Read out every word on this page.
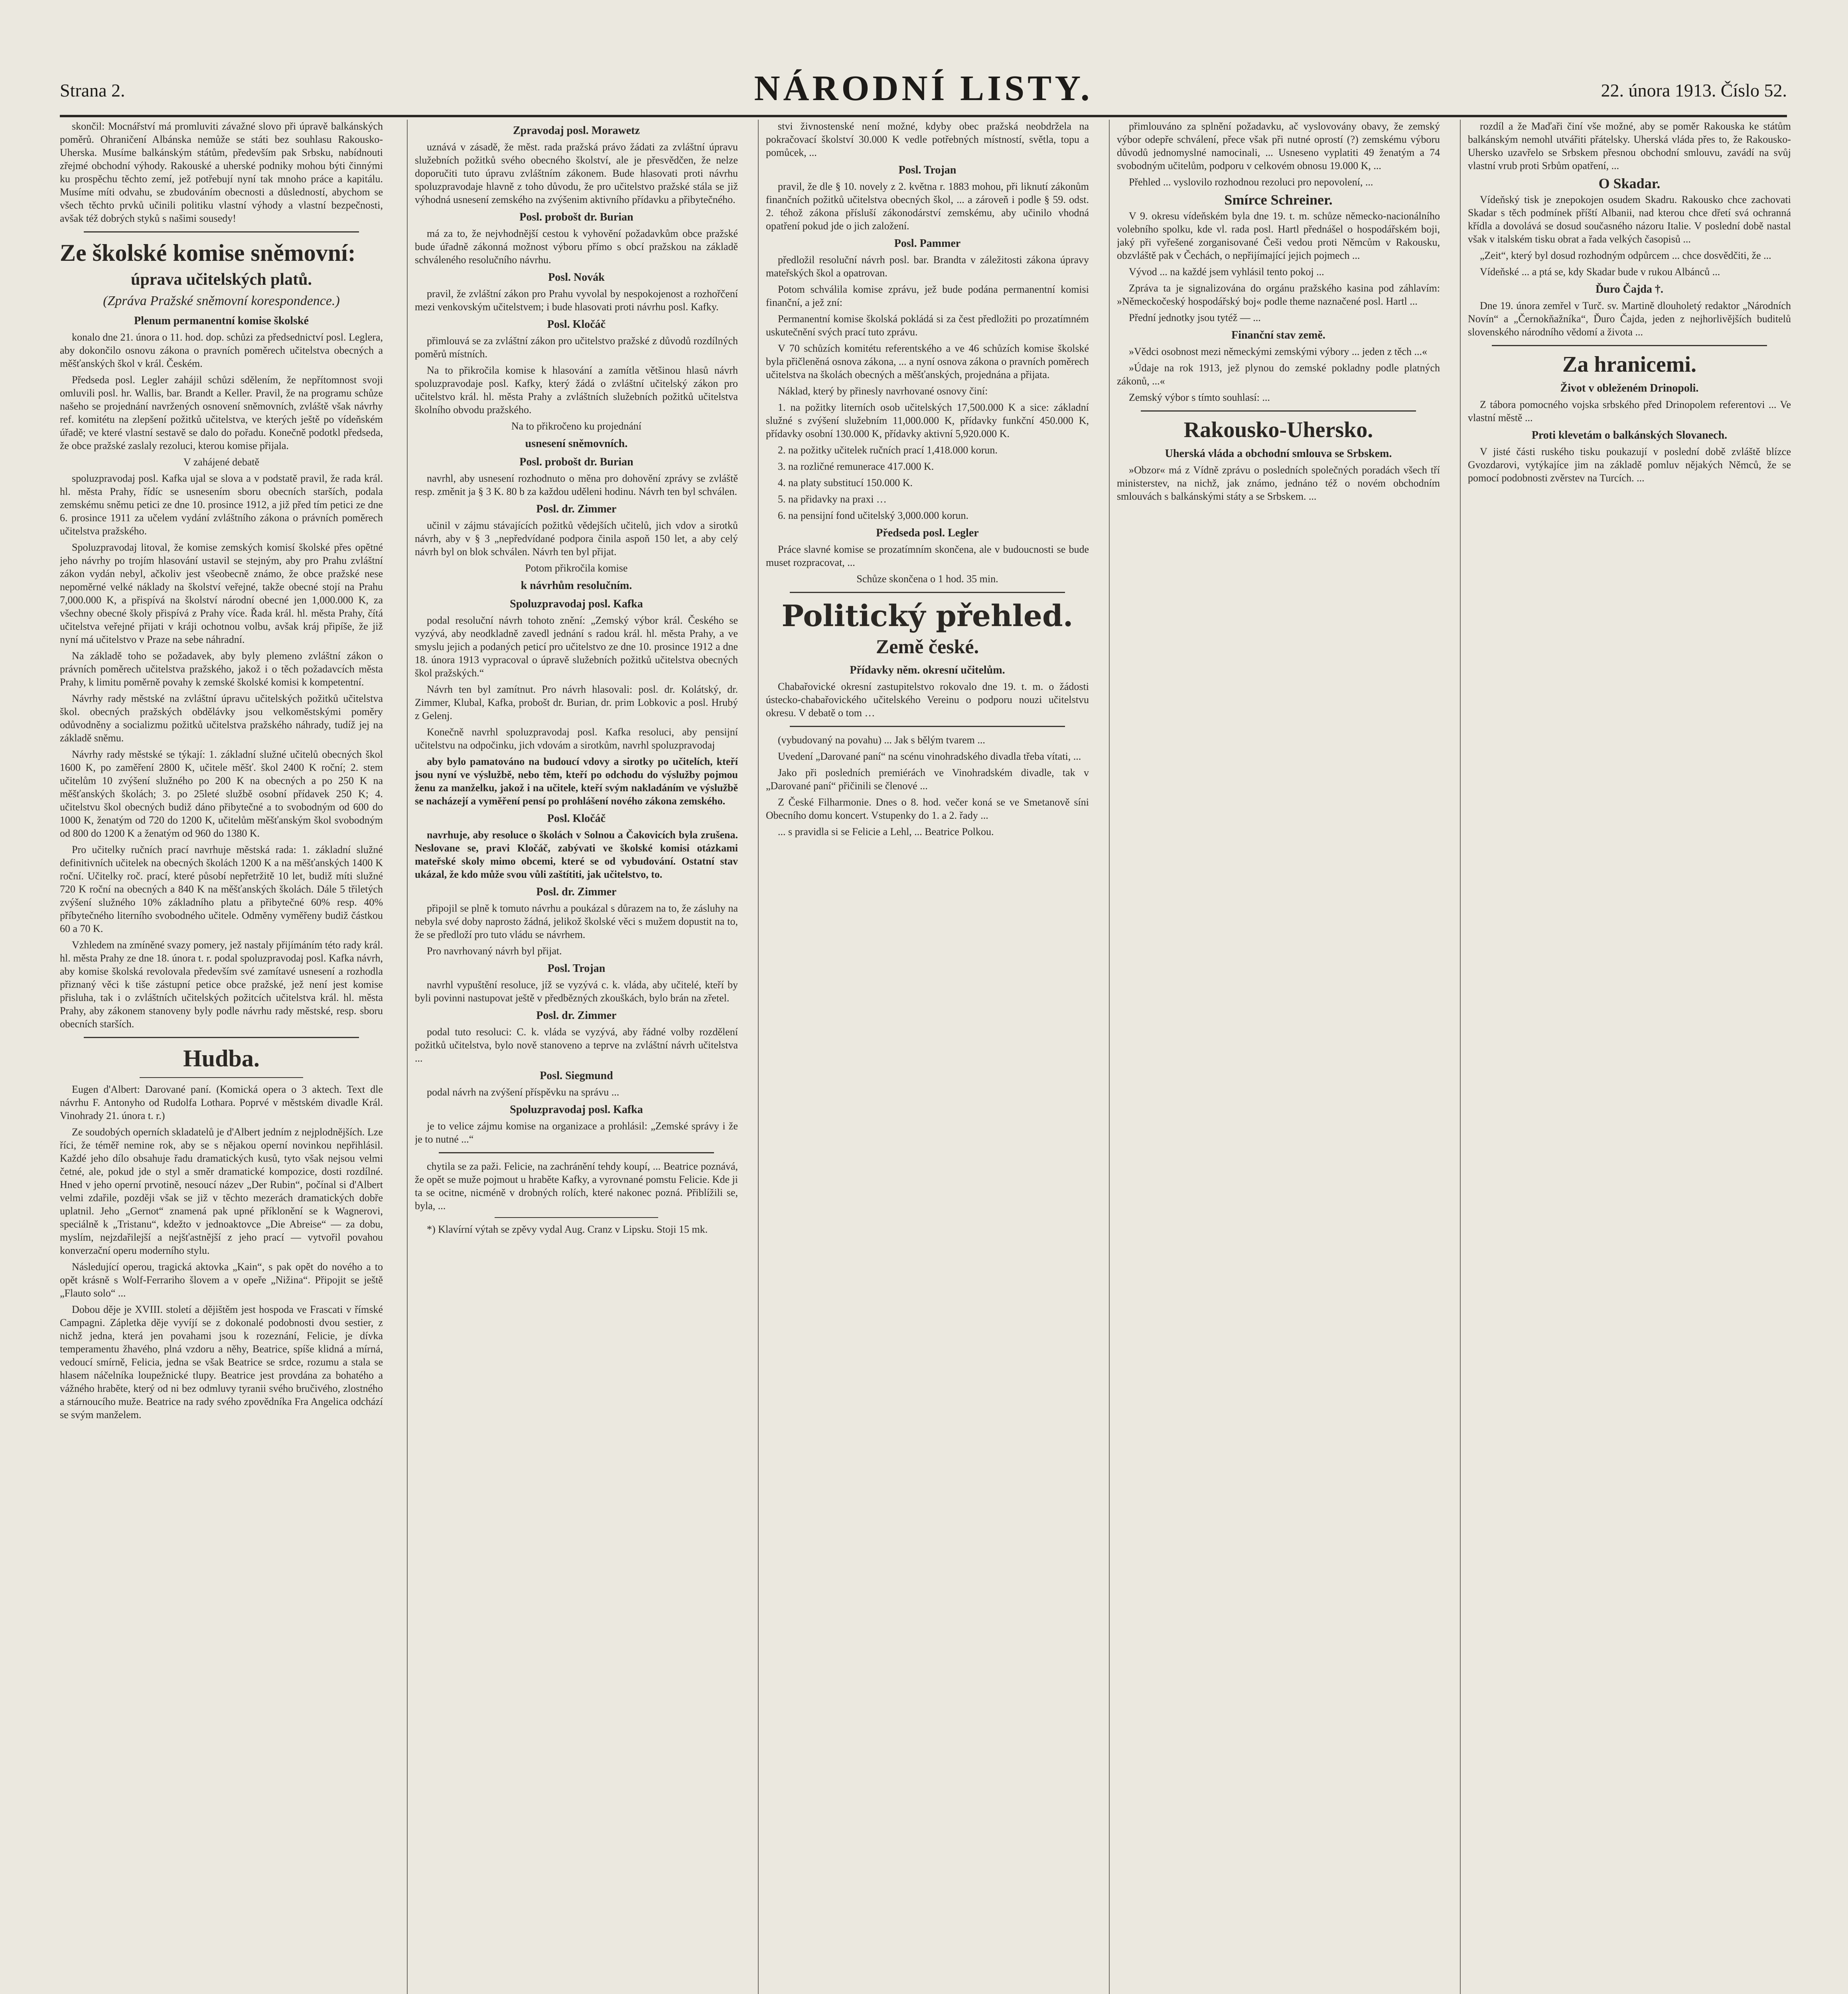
Strana 2.	NÁRODNÍ LISTY.	22. února 1913. Číslo 52.

skončil: Mocnářství má promluviti závažné slovo při úpravě balkánských poměrů. Ohraničení Albánska nemůže se státi bez souhlasu Rakousko-Uherska. Musíme balkánským státům, především pak Srbsku, nabídnouti zřejmé obchodní výhody. Rakouské a uherské podniky mohou býti činnými ku prospěchu těchto zemí, jež potřebují nyní tak mnoho práce a kapitálu. Musíme míti odvahu, se zbudováním obecnosti a důsledností, abychom se všech těchto prvků učinili politiku vlastní výhody a vlastní bezpečnosti, avšak též dobrých styků s našimi sousedy!

Ze školské komise sněmovní:
úprava učitelských platů.
(Zpráva Pražské sněmovní korespondence.)
Plenum permanentní komise školské

konalo dne 21. února o 11. hod. dop. schůzi za předsednictví posl. Leglera, aby dokončilo osnovu zákona o pravních poměrech učitelstva obecných a měšťanských škol v král. Českém.

Předseda posl. Legler zahájil schůzi sdělením, že nepřítomnost svoji omluvili posl. hr. Wallis, bar. Brandt a Keller. Pravil, že na programu schůze našeho se projednání navržených osnovení sněmovních, zvláště však návrhy ref. komitétu na zlepšení požitků učitelstva, ve kterých ještě po vídeňském úřadě; ve které vlastní sestavě se dalo do pořadu. Konečně podotkl předseda, že obce pražské zaslaly rezoluci, kterou komise přijala.

V zahájené debatě

spoluzpravodaj posl. Kafka ujal se slova a v podstatě pravil, že rada král. hl. města Prahy, řídíc se usnesením sboru obecních starších, podala zemskému sněmu petici ze dne 10. prosince 1912, a již před tím petici ze dne 6. prosince 1911 za učelem vydání zvláštního zákona o právních poměrech učitelstva pražského.

Spoluzpravodaj litoval, že komise zemských komisí školské přes opětné jeho návrhy po trojím hlasování ustavil se stejným, aby pro Prahu zvláštní zákon vydán nebyl, ačkoliv jest všeobecně známo, že obce pražské nese nepoměrné velké náklady na školství veřejné, takže obecné stojí na Prahu 7,000.000 K, a přispívá na školství národní obecné jen 1,000.000 K, za všechny obecné školy přispívá z Prahy více. Řada král. hl. města Prahy, čítá učitelstva veřejné přijati v kráji ochotnou volbu, avšak kráj připíše, že již nyní má učitelstvo v Praze na sebe náhradní.

Na základě toho se požadavek, aby byly plemeno zvláštní zákon o právních poměrech učitelstva pražského, jakož i o těch požadavcích města Prahy, k limitu poměrně povahy k zemské školské komisi k kompetentní.

Návrhy rady městské na zvláštní úpravu učitelských požitků učitelstva škol. obecných pražských obdělávky jsou velkoměstskými poměry odůvodněny a socializmu požitků učitelstva pražského náhrady, tudíž jej na základě sněmu.

Návrhy rady městské se týkají: 1. základní služné učitelů obecných škol 1600 K, po zaměření 2800 K, učitele měšť. škol 2400 K roční; 2. stem učitelům 10 zvýšení služného po 200 K na obecných a po 250 K na měšťanských školách; 3. po 25leté službě osobní přídavek 250 K; 4. učitelstvu škol obecných budiž dáno přibytečné a to svobodným od 600 do 1000 K, ženatým od 720 do 1200 K, učitelům měšťanským škol svobodným od 800 do 1200 K a ženatým od 960 do 1380 K.

Pro učitelky ručních prací navrhuje městská rada: 1. základní služné definitivních učitelek na obecných školách 1200 K a na měšťanských 1400 K roční. Učitelky roč. prací, které působí nepřetržitě 10 let, budiž míti služné 720 K roční na obecných a 840 K na měšťanských školách. Dále 5 třiletých zvýšení služného 10% základního platu a přibytečné 60% resp. 40% příbytečného literního svobodného učitele. Odměny vyměřeny budiž částkou 60 a 70 K.

Vzhledem na zmíněné svazy pomery, jež nastaly přijímáním této rady král. hl. města Prahy ze dne 18. února t. r. podal spoluzpravodaj posl. Kafka návrh, aby komise školská revolovala především své zamítavé usnesení a rozhodla přiznaný věci k tiše zástupní petice obce pražské, jež není jest komise přisluha, tak i o zvláštních učitelských požitcích učitelstva král. hl. města Prahy, aby zákonem stanoveny byly podle návrhu rady městské, resp. sboru obecních starších.

Hudba.

Eugen d'Albert: Darované paní. (Komická opera o 3 aktech. Text dle návrhu F. Antonyho od Rudolfa Lothara. Poprvé v městském divadle Král. Vinohrady 21. února t. r.)

Ze soudobých operních skladatelů je d'Albert jedním z nejplodnějších. Lze říci, že téměř nemine rok, aby se s nějakou operní novinkou nepřihlásil. Každé jeho dílo obsahuje řadu dramatických kusů, tyto však nejsou velmi četné, ale, pokud jde o styl a směr dramatické kompozice, dosti rozdílné. Hned v jeho operní prvotině, nesoucí název „Der Rubin“, počínal si d'Albert velmi zdařile, později však se již v těchto mezerách dramatických dobře uplatnil. Jeho „Gernot“ znamená pak upné příklonění se k Wagnerovi, speciálně k „Tristanu“, kdežto v jednoaktovce „Die Abreise“ — za dobu, myslím, nejzdařilejší a nejšťastnější z jeho prací — vytvořil povahou konverzační operu moderního stylu.

Následující operou, tragická aktovka „Kain“, s pak opět do nového a to opět krásně s Wolf-Ferrariho šlovem a v opeře „Nižina“. Připojit se ještě „Flauto solo“ ...

Dobou děje je XVIII. století a dějištěm jest hospoda ve Frascati v římské Campagni. Zápletka děje vyvíjí se z dokonalé podobnosti dvou sestier, z nichž jedna, která jen povahami jsou k rozeznání, Felicie, je dívka temperamentu žhavého, plná vzdoru a něhy, Beatrice, spíše klidná a mírná, vedoucí smírně, Felicia, jedna se však Beatrice se srdce, rozumu a stala se hlasem náčelníka loupežnické tlupy. Beatrice jest provdána za bohatého a vážného hraběte, který od ni bez odmluvy tyranii svého bručivého, zlostného a stárnoucího muže. Beatrice na rady svého zpovědníka Fra Angelica odchází se svým manželem.

Zpravodaj posl. Morawetz

uznává v zásadě, že měst. rada pražská právo žádati za zvláštní úpravu služebních požitků svého obecného školství, ale je přesvědčen, že nelze doporučiti tuto úpravu zvláštním zákonem. Bude hlasovati proti návrhu spoluzpravodaje hlavně z toho důvodu, že pro učitelstvo pražské stála se již výhodná usnesení zemského na zvýšenim aktivního přídavku a přibytečného.

Posl. probošt dr. Burian

má za to, že nejvhodnější cestou k vyhovění požadavkům obce pražské bude úřadně zákonná možnost výboru přímo s obcí pražskou na základě schváleného resolučního návrhu.

Posl. Novák

pravil, že zvláštní zákon pro Prahu vyvolal by nespokojenost a rozhořčení mezi venkovským učitelstvem; i bude hlasovati proti návrhu posl. Kafky.

Posl. Kločáč

přimlouvá se za zvláštní zákon pro učitelstvo pražské z důvodů rozdílných poměrů místních.

Na to přikročila komise k hlasování a zamítla většinou hlasů návrh spoluzpravodaje posl. Kafky, který žádá o zvláštní učitelský zákon pro učitelstvo král. hl. města Prahy a zvláštních služebních požitků učitelstva školního obvodu pražského.

Na to přikročeno ku projednání

usnesení sněmovních.
Posl. probošt dr. Burian

navrhl, aby usnesení rozhodnuto o měna pro dohovění zprávy se zvláště resp. změnit ja § 3 K. 80 b za každou uděleni hodinu. Návrh ten byl schválen.

Posl. dr. Zimmer

učinil v zájmu stávajících požitků vědejších učitelů, jich vdov a sirotků návrh, aby v § 3 „nepředvídané podpora činila aspoň 150 let, a aby celý návrh byl on blok schválen. Návrh ten byl přijat.

Potom přikročila komise

k návrhům resolučním.
Spoluzpravodaj posl. Kafka

podal resoluční návrh tohoto znění: „Zemský výbor král. Českého se vyzývá, aby neodkladně zavedl jednání s radou král. hl. města Prahy, a ve smyslu jejich a podaných peticí pro učitelstvo ze dne 10. prosince 1912 a dne 18. února 1913 vypracoval o úpravě služebních požitků učitelstva obecných škol pražských.“

Návrh ten byl zamítnut. Pro návrh hlasovali: posl. dr. Kolátský, dr. Zimmer, Klubal, Kafka, probošt dr. Burian, dr. prim Lobkovic a posl. Hrubý z Gelenj.

Konečně navrhl spoluzpravodaj posl. Kafka resoluci, aby pensijní učitelstvu na odpočinku, jich vdovám a sirotkům, navrhl spoluzpravodaj

aby bylo pamatováno na budoucí vdovy a sirotky po učitelích, kteří jsou nyní ve výslužbě, nebo těm, kteří po odchodu do výslužby pojmou ženu za manželku, jakož i na učitele, kteří svým nakladáním ve výslužbě se nacházejí a vyměření pensí po prohlášení nového zákona zemského.

Posl. Kločáč

navrhuje, aby resoluce o školách v Solnou a Čakovicích byla zrušena. Neslovane se, pravi Kločáč, zabývati ve školské komisi otázkami mateřské skoly mimo obcemi, které se od vybudování. Ostatní stav ukázal, že kdo může svou vůli zaštítiti, jak učitelstvo, to.

Posl. dr. Zimmer

připojil se plně k tomuto návrhu a poukázal s důrazem na to, že zásluhy na nebyla své doby naprosto žádná, jelikož školské věci s mužem dopustit na to, že se předloží pro tuto vládu se návrhem.

Pro navrhovaný návrh byl přijat.

Posl. Trojan

navrhl vypuštění resoluce, jíž se vyzývá c. k. vláda, aby učitelé, kteří by byli povinni nastupovat ještě v předbězných zkouškách, bylo brán na zřetel.

Posl. dr. Zimmer

podal tuto resoluci: C. k. vláda se vyzývá, aby řádné volby rozdělení požitků učitelstva, bylo nově stanoveno a teprve na zvláštní návrh učitelstva ...

Posl. Siegmund

podal návrh na zvýšení příspěvku na správu ...

Spoluzpravodaj posl. Kafka

je to velice zájmu komise na organizace a prohlásil: „Zemské správy i že je to nutné ...“

chytila se za paži. Felicie, na zachránění tehdy koupí, ... Beatrice poznává, že opět se muže pojmout u hraběte Kafky, a vyrovnané pomstu Felicie. Kde ji ta se ocitne, nicméně v drobných rolích, které nakonec pozná. Přiblížili se, byla, ...

*) Klavírní výtah se zpěvy vydal Aug. Cranz v Lipsku. Stoji 15 mk.

stvi živnostenské není možné, kdyby obec pražská neobdržela na pokračovací školství 30.000 K vedle potřebných místností, světla, topu a pomůcek, ...

Posl. Trojan

pravil, že dle § 10. novely z 2. května r. 1883 mohou, při liknutí zákonům finančních požitků učitelstva obecných škol, ... a zároveň i podle § 59. odst. 2. téhož zákona přísluší zákonodárství zemskému, aby učinilo vhodná opatření pokud jde o jich založení.

Posl. Pammer

předložil resoluční návrh posl. bar. Brandta v záležitosti zákona úpravy mateřských škol a opatrovan.

Potom schválila komise zprávu, jež bude podána permanentní komisi finanční, a jež zní:

Permanentní komise školská pokládá si za čest předložiti po prozatímném uskutečnění svých prací tuto zprávu.

V 70 schůzích komitétu referentského a ve 46 schůzích komise školské byla přičleněná osnova zákona, ... a nyní osnova zákona o pravních poměrech učitelstva na školách obecných a měšťanských, projednána a přijata.

Náklad, který by přinesly navrhované osnovy činí:

1. na požitky literních osob učitelských 17,500.000 K a sice: základní služné s zvýšení služebním 11,000.000 K, přídavky funkční 450.000 K, přídavky osobní 130.000 K, přídavky aktivní 5,920.000 K.

2. na požitky učitelek ručních prací 1,418.000 korun.

3. na rozličné remunerace 417.000 K.

4. na platy substitucí 150.000 K.

5. na přidavky na praxi …

6. na pensijní fond učitelský 3,000.000 korun.

Předseda posl. Legler

Práce slavné komise se prozatímním skončena, ale v budoucnosti se bude muset rozpracovat, ...

Schůze skončena o 1 hod. 35 min.

Politický přehled.
Země české.
Přídavky něm. okresní učitelům.

Chabařovické okresní zastupitelstvo rokovalo dne 19. t. m. o žádosti ústecko-chabařovického učitelského Vereinu o podporu nouzi učitelstvu okresu. V debatě o tom …

(vybudovaný na povahu) ... Jak s bělým tvarem ...

Uvedení „Darované paní“ na scénu vinohradského divadla třeba vítati, ...

Jako při posledních premiérách ve Vinohradském divadle, tak v „Darované paní“ přičinili se členové ...

Z České Filharmonie. Dnes o 8. hod. večer koná se ve Smetanově síni Obecního domu koncert. Vstupenky do 1. a 2. řady ...

... s pravidla si se Felicie a Lehl, ... Beatrice Polkou.

přimlouváno za splnění požadavku, ač vyslovovány obavy, že zemský výbor odepře schválení, přece však při nutné oprostí (?) zemskému výboru důvodů jednomyslné namocinali, ... Usneseno vyplatiti 49 ženatým a 74 svobodným učitelům, podporu v celkovém obnosu 19.000 K, ...

Přehled ... vyslovilo rozhodnou rezoluci pro nepovolení, ...

Smírce Schreiner.

V 9. okresu vídeňském byla dne 19. t. m. schůze německo-nacionálního volebního spolku, kde vl. rada posl. Hartl přednášel o hospodářském boji, jaký při vyřešené zorganisované Češi vedou proti Němcům v Rakousku, obzvláště pak v Čechách, o nepřijímající jejich pojmech ...

Vývod ... na každé jsem vyhlásil tento pokoj ...

Zpráva ta je signalizována do orgánu pražského kasina pod záhlavím: »Německočeský hospodářský boj« podle theme naznačené posl. Hartl ...

Přední jednotky jsou tytéž — ...

Finanční stav země.

»Vědci osobnost mezi německými zemskými výbory ... jeden z těch ...«

»Údaje na rok 1913, jež plynou do zemské pokladny podle platných zákonů, ...«

Zemský výbor s tímto souhlasí: ...

Rakousko-Uhersko.
Uherská vláda a obchodní smlouva se Srbskem.

»Obzor« má z Vídně zprávu o posledních společných poradách všech tří ministerstev, na nichž, jak známo, jednáno též o novém obchodním smlouvách s balkánskými státy a se Srbskem. ...

rozdíl a že Maďaři činí vše možné, aby se poměr Rakouska ke státům balkánským nemohl utvářiti přátelsky. Uherská vláda přes to, že Rakousko-Uhersko uzavřelo se Srbskem přesnou obchodní smlouvu, zavádí na svůj vlastní vrub proti Srbům opatření, ...

O Skadar.

Vídeňský tisk je znepokojen osudem Skadru. Rakousko chce zachovati Skadar s těch podmínek příští Albanii, nad kterou chce dřetí svá ochranná křídla a dovolává se dosud současného názoru Italie. V poslední době nastal však v italském tisku obrat a řada velkých časopisů ...

„Zeit“, který byl dosud rozhodným odpůrcem ... chce dosvědčiti, že ...

Vídeňské ... a ptá se, kdy Skadar bude v rukou Albánců ...

Ďuro Čajda †.

Dne 19. února zemřel v Turč. sv. Martině dlouholetý redaktor „Národních Novín“ a „Černokňažníka“, Ďuro Čajda, jeden z nejhorlivějších buditelů slovenského národního vědomí a života ...

Za hranicemi.
Život v obleženém Drinopoli.

Z tábora pomocného vojska srbského před Drinopolem referentovi ... Ve vlastní městě ...

Proti klevetám o balkánských Slovanech.

V jisté části ruského tisku poukazují v poslední době zvláště blízce Gvozdarovi, vytýkajíce jim na základě pomluv nějakých Němců, že se pomocí podobnosti zvěrstev na Turcích. ...
